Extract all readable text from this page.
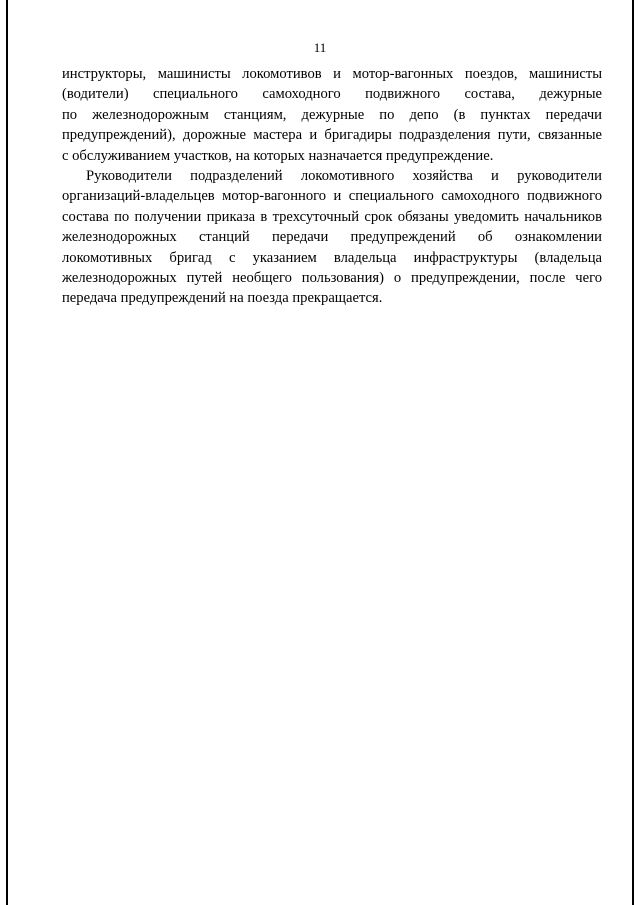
11
инструкторы, машинисты локомотивов и мотор-вагонных поездов, машинисты
(водители) специального самоходного подвижного состава, дежурные
по железнодорожным станциям, дежурные по депо (в пунктах передачи
предупреждений), дорожные мастера и бригадиры подразделения пути, связанные
с обслуживанием участков, на которых назначается предупреждение.
Руководители подразделений локомотивного хозяйства и руководители
организаций-владельцев мотор-вагонного и специального самоходного подвижного
состава по получении приказа в трехсуточный срок обязаны уведомить начальников
железнодорожных станций передачи предупреждений об ознакомлении
локомотивных бригад с указанием владельца инфраструктуры (владельца
железнодорожных путей необщего пользования) о предупреждении, после чего
передача предупреждений на поезда прекращается.
